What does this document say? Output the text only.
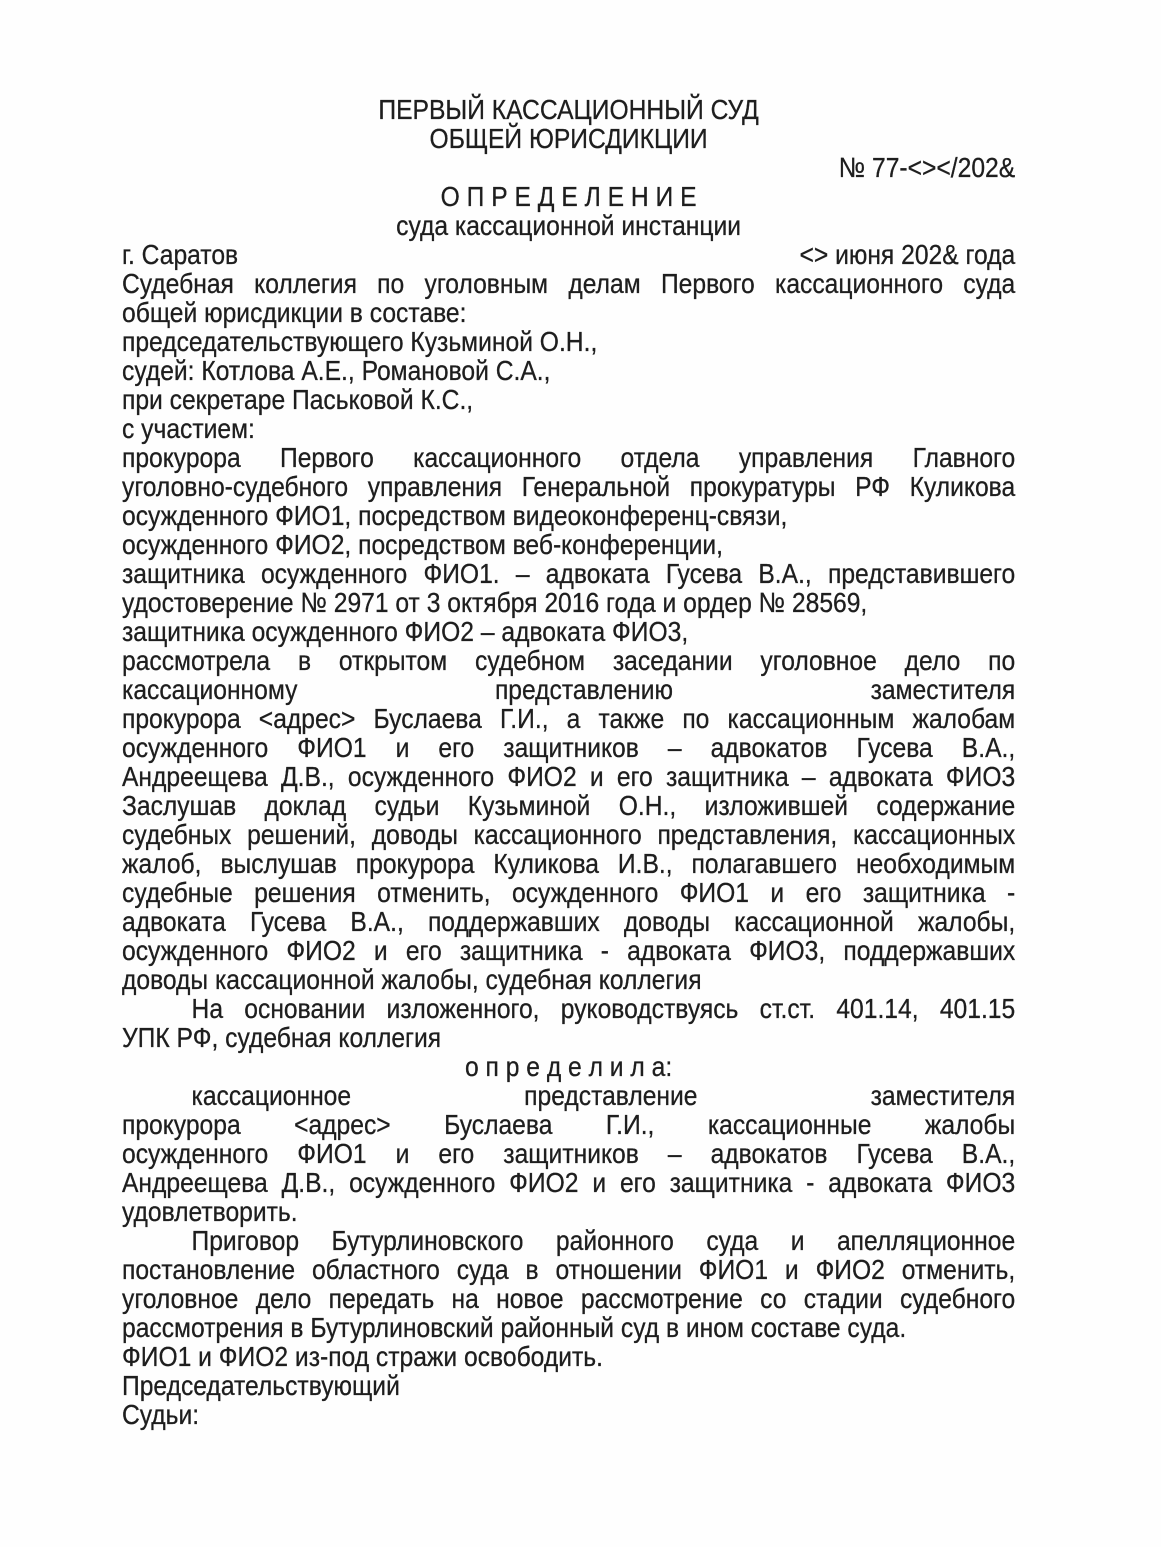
ПЕРВЫЙ КАССАЦИОННЫЙ СУД
ОБЩЕЙ ЮРИСДИКЦИИ
№ 77-<></202&
О П Р Е Д Е Л Е Н И Е
суда кассационной инстанции
г. Саратов	<> июня 202& года
Судебная коллегия по уголовным делам Первого кассационного суда
общей юрисдикции в составе:
председательствующего Кузьминой О.Н.,
судей: Котлова А.Е., Романовой С.А.,
при секретаре Паськовой К.С.,
с участием:
прокурора Первого кассационного отдела управления Главного
уголовно-судебного управления Генеральной прокуратуры РФ Куликова
осужденного ФИО1, посредством видеоконференц-связи,
осужденного ФИО2, посредством веб-конференции,
защитника осужденного ФИО1. – адвоката Гусева В.А., представившего
удостоверение № 2971 от 3 октября 2016 года и ордер № 28569,
защитника осужденного ФИО2 – адвоката ФИО3,
рассмотрела в открытом судебном заседании уголовное дело по
кассационному представлению заместителя
прокурора <адрес> Буслаева Г.И., а также по кассационным жалобам
осужденного ФИО1 и его защитников – адвокатов Гусева В.А.,
Андреещева Д.В., осужденного ФИО2 и его защитника – адвоката ФИО3
Заслушав доклад судьи Кузьминой О.Н., изложившей содержание
судебных решений, доводы кассационного представления, кассационных
жалоб, выслушав прокурора Куликова И.В., полагавшего необходимым
судебные решения отменить, осужденного ФИО1 и его защитника -
адвоката Гусева В.А., поддержавших доводы кассационной жалобы,
осужденного ФИО2 и его защитника - адвоката ФИО3, поддержавших
доводы кассационной жалобы, судебная коллегия
На основании изложенного, руководствуясь ст.ст. 401.14, 401.15
УПК РФ, судебная коллегия
о п р е д е л и л а:
кассационное представление заместителя
прокурора <адрес> Буслаева Г.И., кассационные жалобы
осужденного ФИО1 и его защитников – адвокатов Гусева В.А.,
Андреещева Д.В., осужденного ФИО2 и его защитника - адвоката ФИО3
удовлетворить.
Приговор Бутурлиновского районного суда и апелляционное
постановление областного суда в отношении ФИО1 и ФИО2 отменить,
уголовное дело передать на новое рассмотрение со стадии судебного
рассмотрения в Бутурлиновский районный суд в ином составе суда.
ФИО1 и ФИО2 из-под стражи освободить.
Председательствующий
Судьи:
